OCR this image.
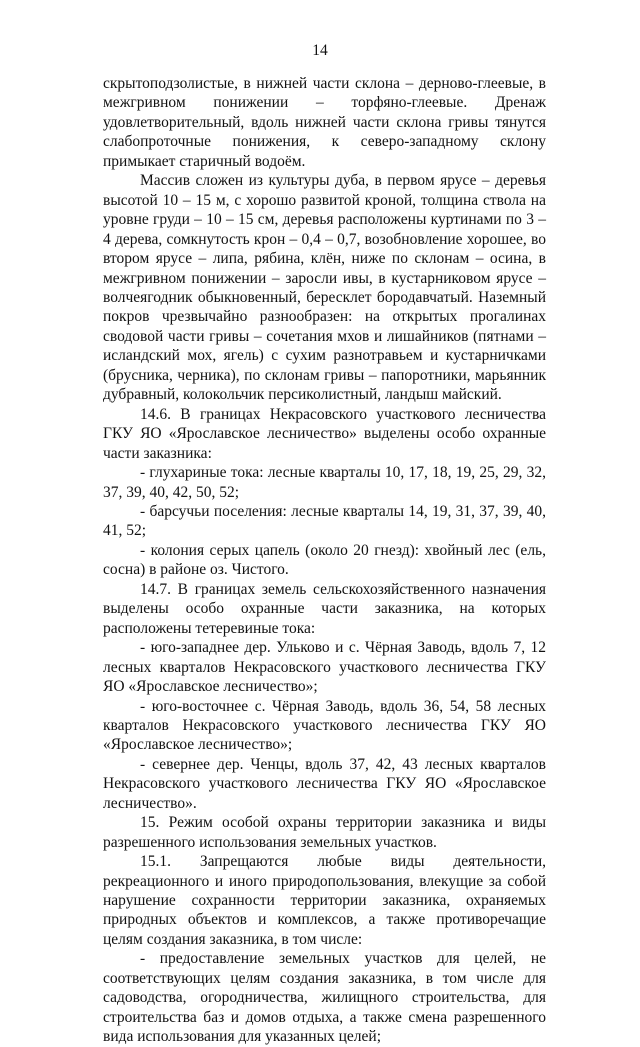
14

скрытоподзолистые, в нижней части склона – дерново-глеевые, в межгривном понижении – торфяно-глеевые. Дренаж удовлетворительный, вдоль нижней части склона гривы тянутся слабопроточные понижения, к северо-западному склону примыкает старичный водоём.

Массив сложен из культуры дуба, в первом ярусе – деревья высотой 10 – 15 м, с хорошо развитой кроной, толщина ствола на уровне груди – 10 – 15 см, деревья расположены куртинами по 3 – 4 дерева, сомкнутость крон – 0,4 – 0,7, возобновление хорошее, во втором ярусе – липа, рябина, клён, ниже по склонам – осина, в межгривном понижении – заросли ивы, в кустарниковом ярусе – волчеягодник обыкновенный, бересклет бородавчатый. Наземный покров чрезвычайно разнообразен: на открытых прогалинах сводовой части гривы – сочетания мхов и лишайников (пятнами – исландский мох, ягель) с сухим разнотравьем и кустарничками (брусника, черника), по склонам гривы – папоротники, марьянник дубравный, колокольчик персиколистный, ландыш майский.

14.6. В границах Некрасовского участкового лесничества ГКУ ЯО «Ярославское лесничество» выделены особо охранные части заказника:

- глухариные тока: лесные кварталы 10, 17, 18, 19, 25, 29, 32, 37, 39, 40, 42, 50, 52;

- барсучьи поселения: лесные кварталы 14, 19, 31, 37, 39, 40, 41, 52;

- колония серых цапель (около 20 гнезд): хвойный лес (ель, сосна) в районе оз. Чистого.

14.7. В границах земель сельскохозяйственного назначения выделены особо охранные части заказника, на которых расположены тетеревиные тока:

- юго-западнее дер. Ульково и с. Чёрная Заводь, вдоль 7, 12 лесных кварталов Некрасовского участкового лесничества ГКУ ЯО «Ярославское лесничество»;

- юго-восточнее с. Чёрная Заводь, вдоль 36, 54, 58 лесных кварталов Некрасовского участкового лесничества ГКУ ЯО «Ярославское лесничество»;

- севернее дер. Ченцы, вдоль 37, 42, 43 лесных кварталов Некрасовского участкового лесничества ГКУ ЯО «Ярославское лесничество».

15. Режим особой охраны территории заказника и виды разрешенного использования земельных участков.

15.1. Запрещаются любые виды деятельности, рекреационного и иного природопользования, влекущие за собой нарушение сохранности территории заказника, охраняемых природных объектов и комплексов, а также противоречащие целям создания заказника, в том числе:

- предоставление земельных участков для целей, не соответствующих целям создания заказника, в том числе для садоводства, огородничества, жилищного строительства, для строительства баз и домов отдыха, а также смена разрешенного вида использования для указанных целей;
